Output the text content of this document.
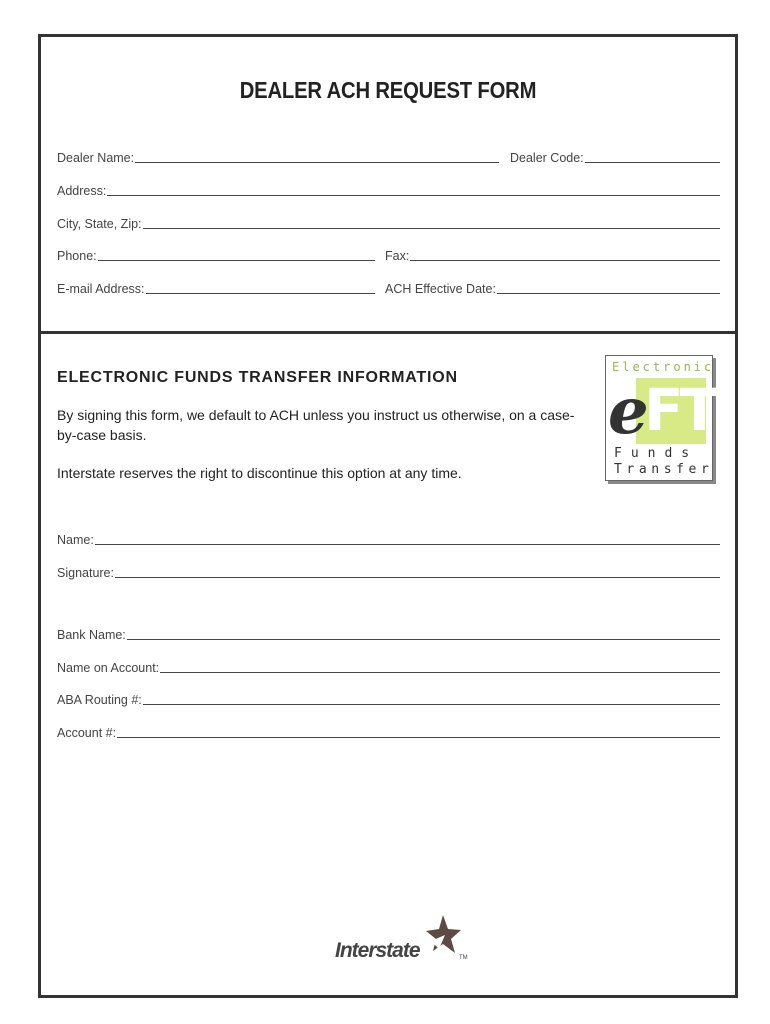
DEALER ACH REQUEST FORM
Dealer Name:	Dealer Code:
Address:
City, State, Zip:
Phone:	Fax:
E-mail Address:	ACH Effective Date:
ELECTRONIC FUNDS TRANSFER INFORMATION
By signing this form, we default to ACH unless you instruct us otherwise, on a case-by-case basis.
Interstate reserves the right to discontinue this option at any time.
Electronic
FT
e
Funds
Transfer
Name:
Signature:
Bank Name:
Name on Account:
ABA Routing #:
Account #:
Interstate	TM
